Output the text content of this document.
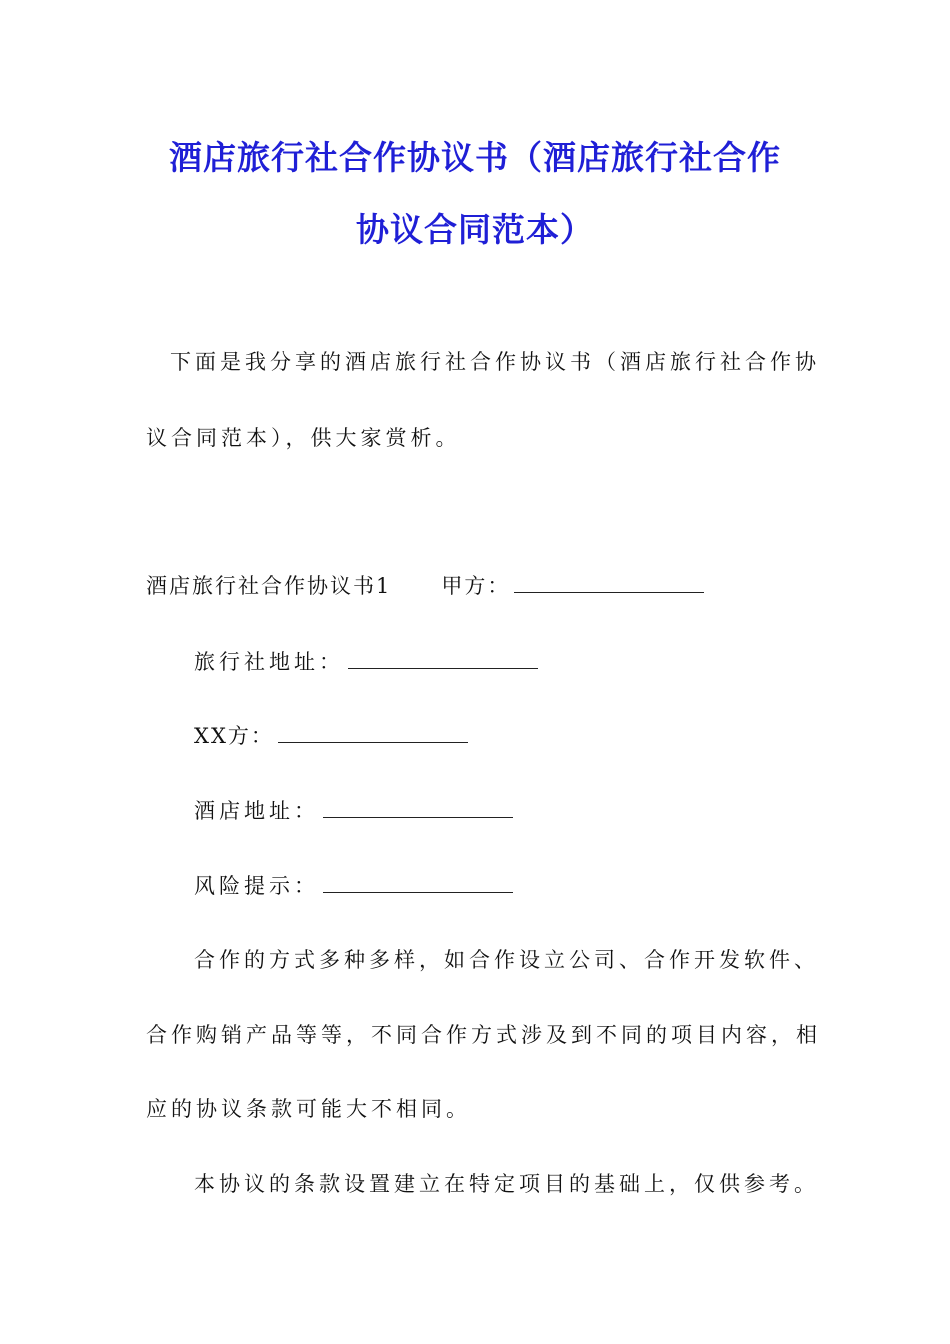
酒店旅行社合作协议书（酒店旅行社合作
协议合同范本）
下面是我分享的酒店旅行社合作协议书（酒店旅行社合作协
议合同范本），供大家赏析。
酒店旅行社合作协议书1 甲方：
旅行社地址：
XX方：
酒店地址：
风险提示：
合作的方式多种多样，如合作设立公司、合作开发软件、
合作购销产品等等，不同合作方式涉及到不同的项目内容，相
应的协议条款可能大不相同。
本协议的条款设置建立在特定项目的基础上，仅供参考。
